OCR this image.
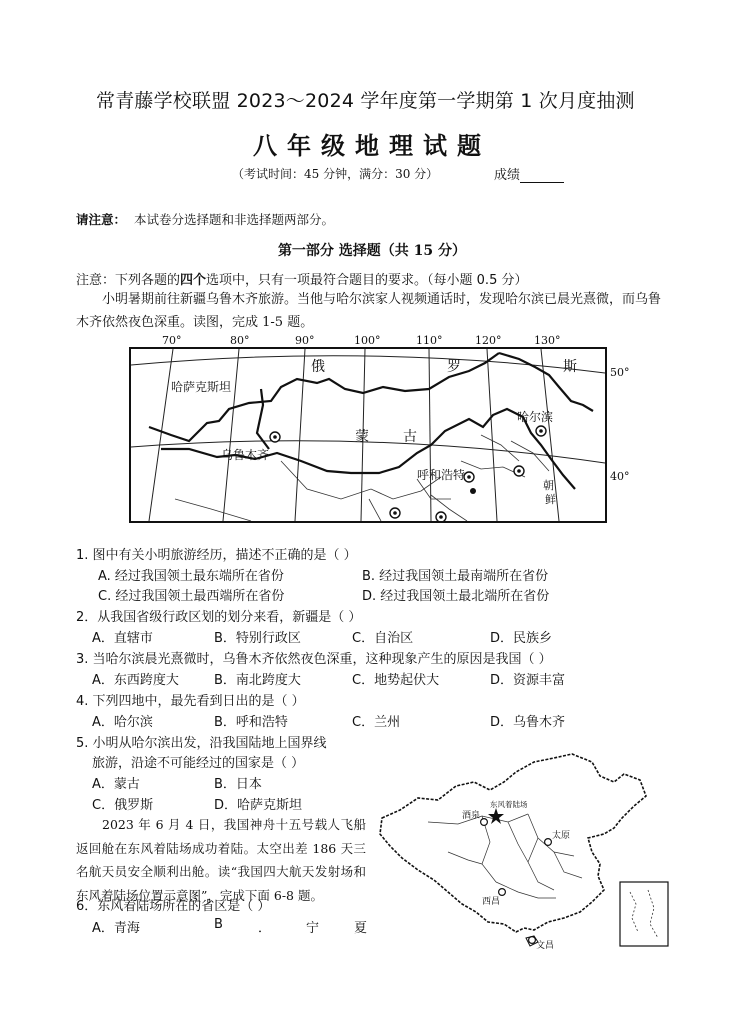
常青藤学校联盟 2023～2024 学年度第一学期第 1 次月度抽测
八年级地理试题
（考试时间：45 分钟，满分：30 分）	成绩
请注意： 本试卷分选择题和非选择题两部分。
第一部分 选择题（共 15 分）
注意：下列各题的四个选项中，只有一项最符合题目的要求。（每小题 0.5 分）
小明暑期前往新疆乌鲁木齐旅游。当他与哈尔滨家人视频通话时，发现哈尔滨已晨光熹微，而乌鲁木齐依然夜色深重。读图，完成 1-5 题。
哈萨克斯坦
俄	罗	斯
蒙 古
乌鲁木齐
哈尔滨
呼和浩特
朝
鲜
70°	80°	90°	100°	110°	120°	130°
50°
40°
1. 图中有关小明旅游经历，描述不正确的是（ ）
A. 经过我国领土最东端所在省份	B. 经过我国领土最南端所在省份
C. 经过我国领土最西端所在省份	D. 经过我国领土最北端所在省份
2．从我国省级行政区划的划分来看，新疆是（ ）
A．直辖市	B．特别行政区	C．自治区	D．民族乡
3. 当哈尔滨晨光熹微时，乌鲁木齐依然夜色深重，这种现象产生的原因是我国（ ）
A．东西跨度大	B．南北跨度大	C．地势起伏大	D．资源丰富
4. 下列四地中，最先看到日出的是（ ）
A．哈尔滨	B．呼和浩特	C．兰州	D．乌鲁木齐
5. 小明从哈尔滨出发，沿我国陆地上国界线
旅游，沿途不可能经过的国家是（ ）
A．蒙古	B．日本
C．俄罗斯	D．哈萨克斯坦
2023 年 6 月 4 日，我国神舟十五号载人飞船返回舱在东风着陆场成功着陆。太空出差 186 天三名航天员安全顺利出舱。读“我国四大航天发射场和东风着陆场位置示意图”，完成下面 6-8 题。
6．东风着陆场所在的省区是（ ）
A．青海	B	．	宁	夏
酒泉
东风着陆场
太原
西昌
文昌
